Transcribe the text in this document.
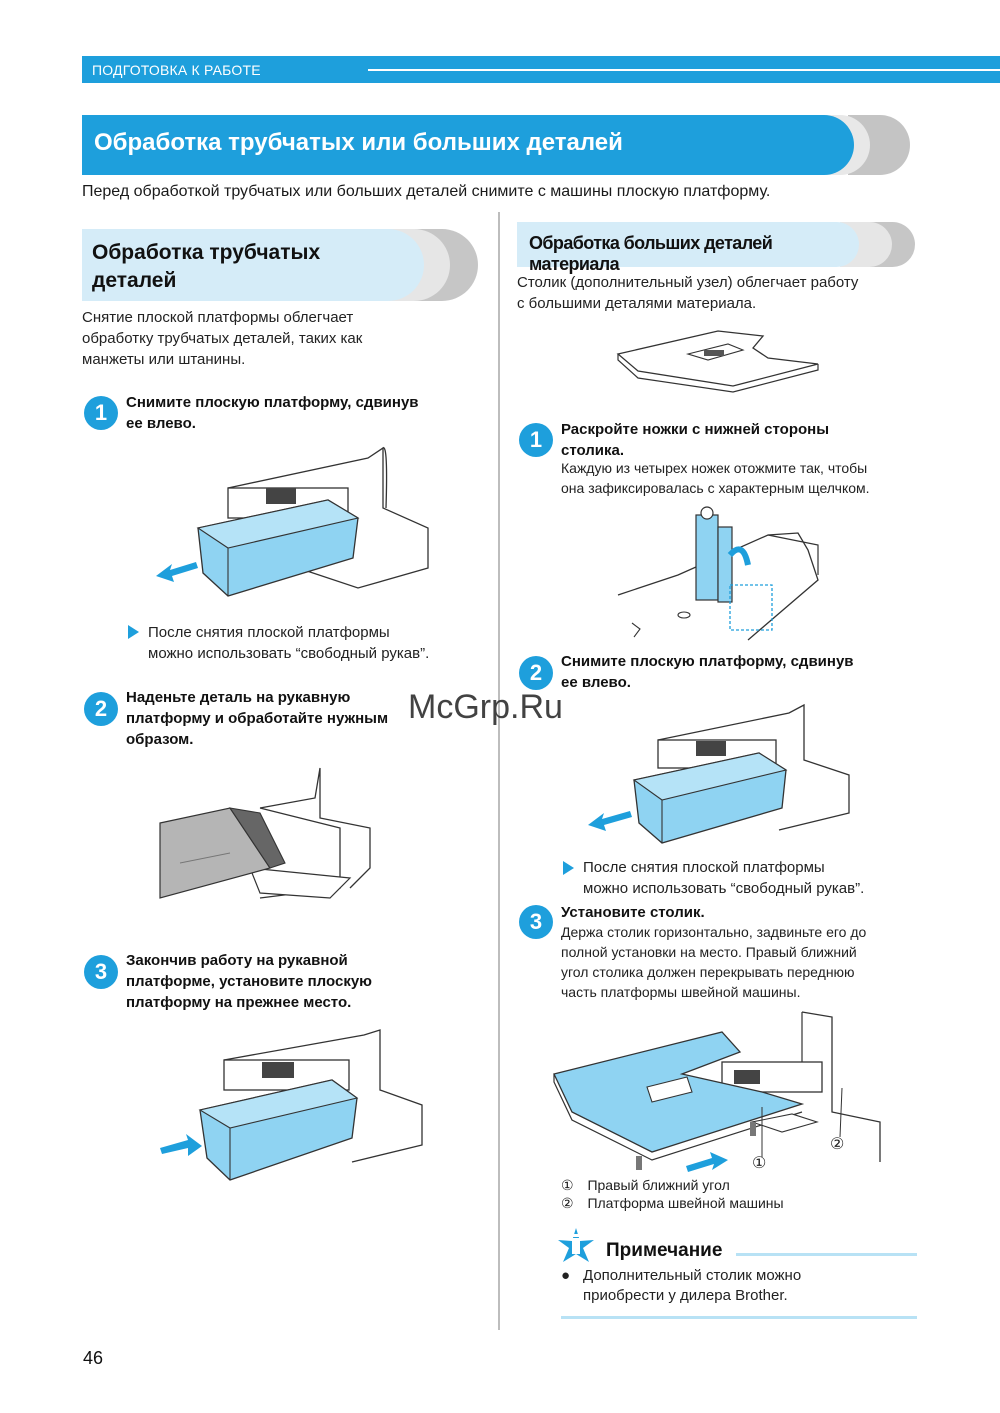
ПОДГОТОВКА К РАБОТЕ
Обработка трубчатых или больших деталей
Перед обработкой трубчатых или больших деталей снимите с машины плоскую платформу.
Обработка трубчатых
деталей
Снятие плоской платформы облегчает
обработку трубчатых деталей, таких как
манжеты или штанины.
1	Снимите плоскую платформу, сдвинув
ее влево.
После снятия плоской платформы
можно использовать “свободный рукав”.
2	Наденьте деталь на рукавную
платформу и обработайте нужным
образом.
3	Закончив работу на рукавной
платформе, установите плоскую
платформу на прежнее место.
Обработка больших деталей материала
Столик (дополнительный узел) облегчает работу
с большими деталями материала.
1	Раскройте ножки с нижней стороны
столика.
Каждую из четырех ножек отожмите так, чтобы
она зафиксировалась с характерным щелчком.
2	Снимите плоскую платформу, сдвинув
ее влево.
После снятия плоской платформы
можно использовать “свободный рукав”.
3	Установите столик.
Держа столик горизонтально, задвиньте его до
полной установки на место. Правый ближний
угол столика должен перекрывать переднюю
часть платформы швейной машины.
①
②
① Правый ближний угол
② Платформа швейной машины
Примечание
● Дополнительный столик можно
приобрести у дилера Brother.
46
McGrp.Ru
